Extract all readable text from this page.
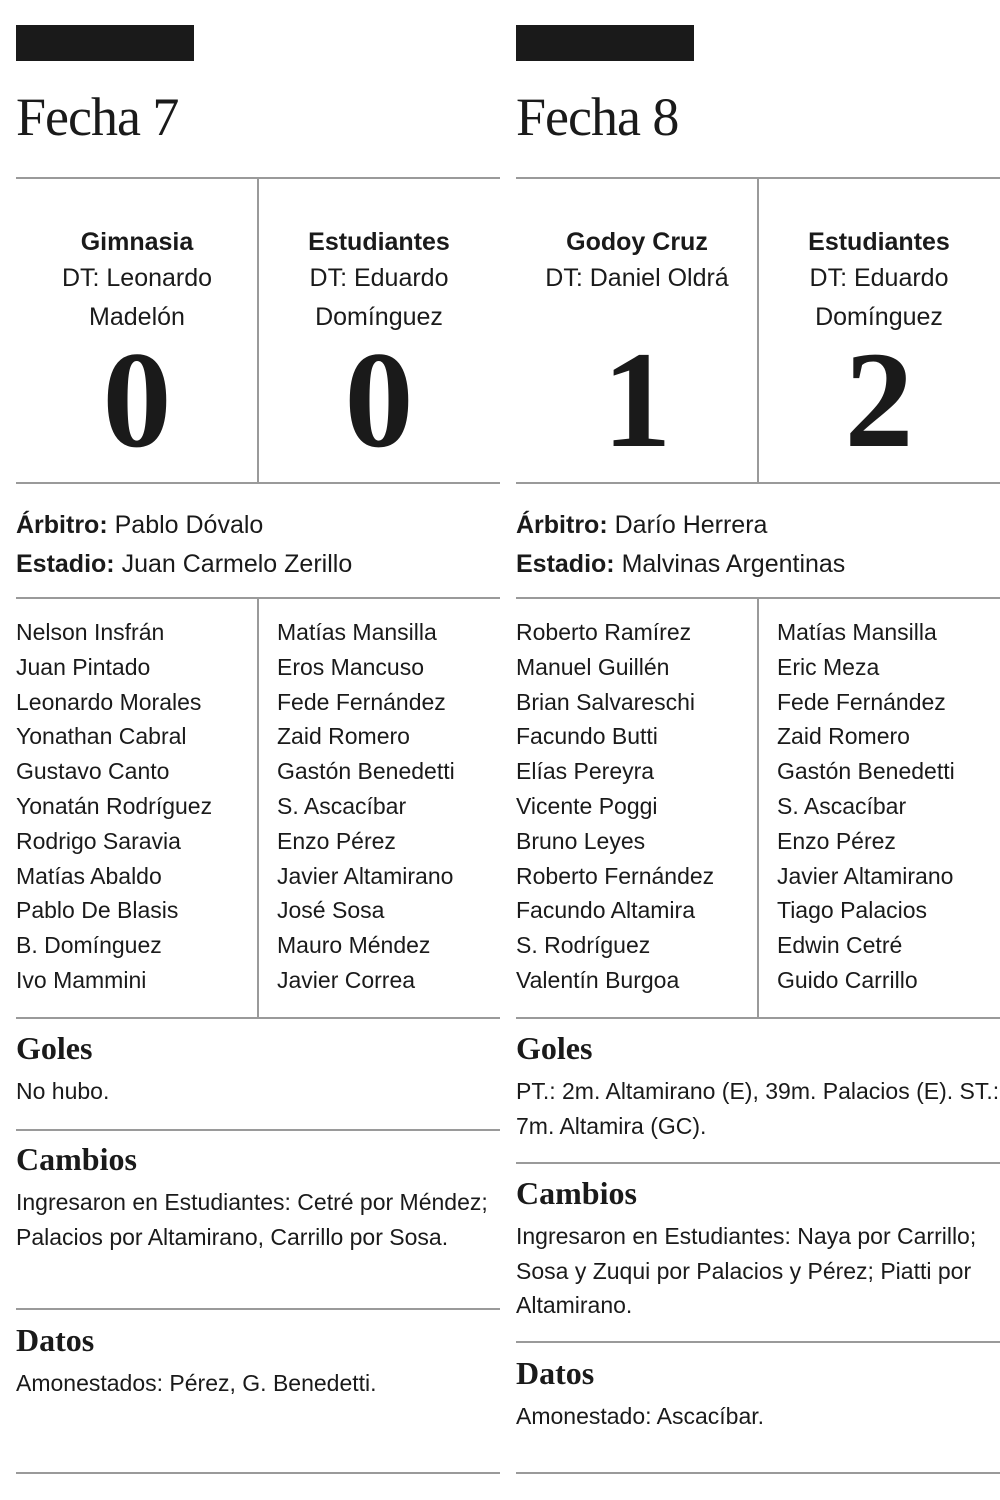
Fecha 7
Gimnasia
DT: Leonardo Madelón
Estudiantes
DT: Eduardo Domínguez
0	0
Árbitro: Pablo Dóvalo
Estadio: Juan Carmelo Zerillo
Nelson Insfrán
Juan Pintado
Leonardo Morales
Yonathan Cabral
Gustavo Canto
Yonatán Rodríguez
Rodrigo Saravia
Matías Abaldo
Pablo De Blasis
B. Domínguez
Ivo Mammini
Matías Mansilla
Eros Mancuso
Fede Fernández
Zaid Romero
Gastón Benedetti
S. Ascacíbar
Enzo Pérez
Javier Altamirano
José Sosa
Mauro Méndez
Javier Correa
Goles
No hubo.
Cambios
Ingresaron en Estudiantes: Cetré por Méndez; Palacios por Altamirano, Carrillo por Sosa.
Datos
Amonestados: Pérez, G. Benedetti.
Fecha 8
Godoy Cruz
DT: Daniel Oldrá
Estudiantes
DT: Eduardo Domínguez
1	2
Árbitro: Darío Herrera
Estadio: Malvinas Argentinas
Roberto Ramírez
Manuel Guillén
Brian Salvareschi
Facundo Butti
Elías Pereyra
Vicente Poggi
Bruno Leyes
Roberto Fernández
Facundo Altamira
S. Rodríguez
Valentín Burgoa
Matías Mansilla
Eric Meza
Fede Fernández
Zaid Romero
Gastón Benedetti
S. Ascacíbar
Enzo Pérez
Javier Altamirano
Tiago Palacios
Edwin Cetré
Guido Carrillo
Goles
PT.: 2m. Altamirano (E), 39m. Palacios (E). ST.: 7m. Altamira (GC).
Cambios
Ingresaron en Estudiantes: Naya por Carrillo; Sosa y Zuqui por Palacios y Pérez; Piatti por Altamirano.
Datos
Amonestado: Ascacíbar.
